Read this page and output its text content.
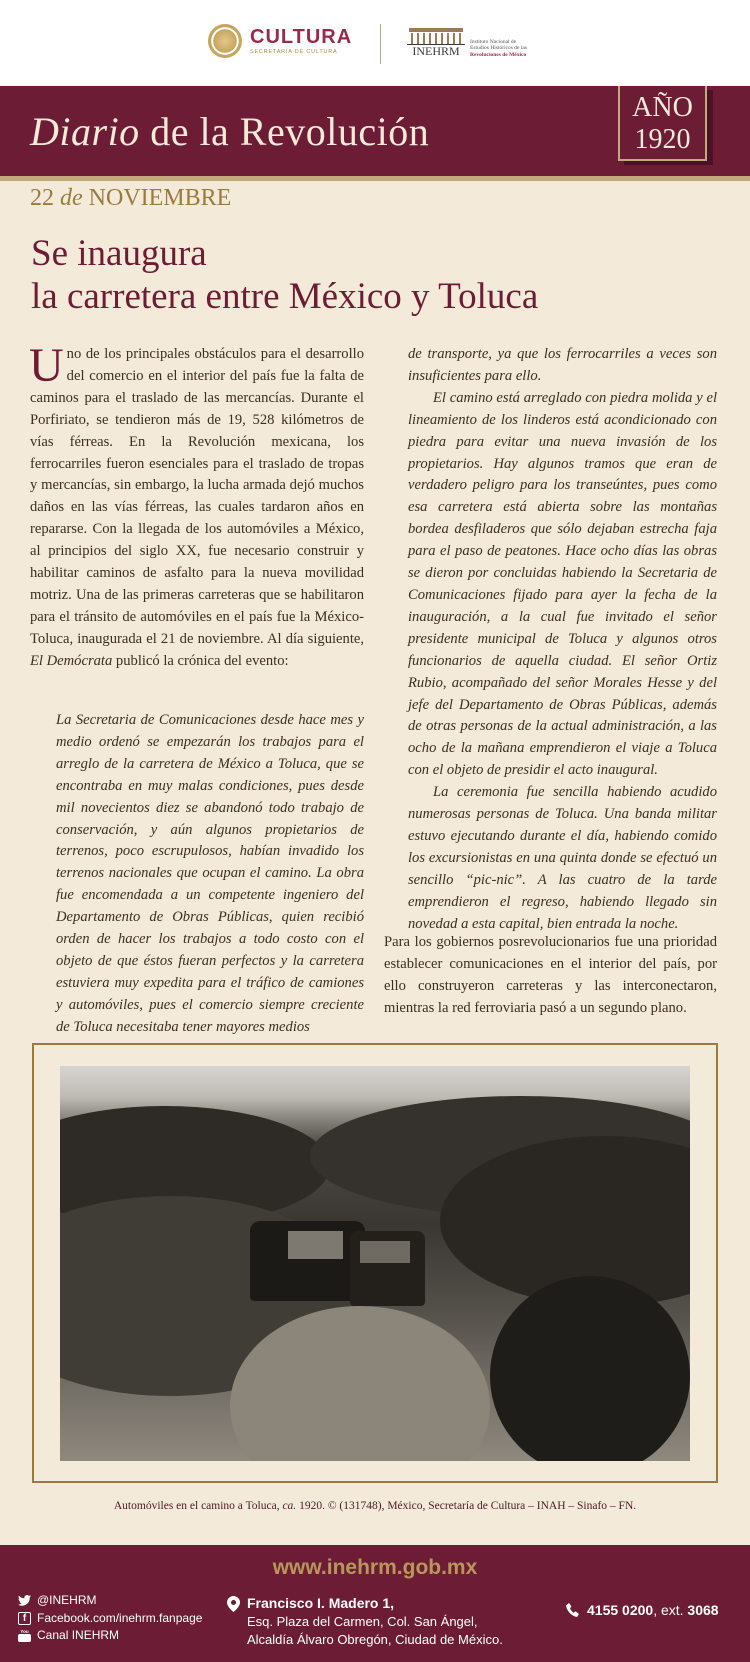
CULTURA
SECRETARÍA DE CULTURA	INEHRM
Instituto Nacional de
Estudios Históricos de las
Revoluciones de México
Diario de la Revolución
AÑO
1920
22 de NOVIEMBRE
Se inaugura
la carretera entre México y Toluca
Uno de los principales obstáculos para el desarrollo del comercio en el interior del país fue la falta de caminos para el traslado de las mercancías. Durante el Porfiriato, se tendieron más de 19, 528 kilómetros de vías férreas. En la Revolución mexicana, los ferrocarriles fueron esenciales para el traslado de tropas y mercancías, sin embargo, la lucha armada dejó muchos daños en las vías férreas, las cuales tardaron años en repararse. Con la llegada de los automóviles a México, al principios del siglo XX, fue necesario construir y habilitar caminos de asfalto para la nueva movilidad motriz. Una de las primeras carreteras que se habilitaron para el tránsito de automóviles en el país fue la México-Toluca, inaugurada el 21 de noviembre. Al día siguiente, El Demócrata publicó la crónica del evento:

La Secretaria de Comunicaciones desde hace mes y medio ordenó se empezarán los trabajos para el arreglo de la carretera de México a Toluca, que se encontraba en muy malas condiciones, pues desde mil novecientos diez se abandonó todo trabajo de conservación, y aún algunos propietarios de terrenos, poco escrupulosos, habían invadido los terrenos nacionales que ocupan el camino. La obra fue encomendada a un competente ingeniero del Departamento de Obras Públicas, quien recibió orden de hacer los trabajos a todo costo con el objeto de que éstos fueran perfectos y la carretera estuviera muy expedita para el tráfico de camiones y automóviles, pues el comercio siempre creciente de Toluca necesitaba tener mayores medios

de transporte, ya que los ferrocarriles a veces son insuficientes para ello.

El camino está arreglado con piedra molida y el lineamiento de los linderos está acondicionado con piedra para evitar una nueva invasión de los propietarios. Hay algunos tramos que eran de verdadero peligro para los transeúntes, pues como esa carretera está abierta sobre las montañas bordea desfiladeros que sólo dejaban estrecha faja para el paso de peatones. Hace ocho días las obras se dieron por concluidas habiendo la Secretaria de Comunicaciones fijado para ayer la fecha de la inauguración, a la cual fue invitado el señor presidente municipal de Toluca y algunos otros funcionarios de aquella ciudad. El señor Ortiz Rubio, acompañado del señor Morales Hesse y del jefe del Departamento de Obras Públicas, además de otras personas de la actual administración, a las ocho de la mañana emprendieron el viaje a Toluca con el objeto de presidir el acto inaugural.

La ceremonia fue sencilla habiendo acudido numerosas personas de Toluca. Una banda militar estuvo ejecutando durante el día, habiendo comido los excursionistas en una quinta donde se efectuó un sencillo “pic-nic”. A las cuatro de la tarde emprendieron el regreso, habiendo llegado sin novedad a esta capital, bien entrada la noche.

Para los gobiernos posrevolucionarios fue una prioridad establecer comunicaciones en el interior del país, por ello construyeron carreteras y las interconectaron, mientras la red ferroviaria pasó a un segundo plano.

Automóviles en el camino a Toluca, ca. 1920. © (131748), México, Secretaría de Cultura – INAH – Sinafo – FN.
www.inehrm.gob.mx
@INEHRM
f Facebook.com/inehrm.fanpage
You Canal INEHRM
Francisco I. Madero 1,
Esq. Plaza del Carmen, Col. San Ángel,
Alcaldía Álvaro Obregón, Ciudad de México.
4155 0200 , ext. 3068
